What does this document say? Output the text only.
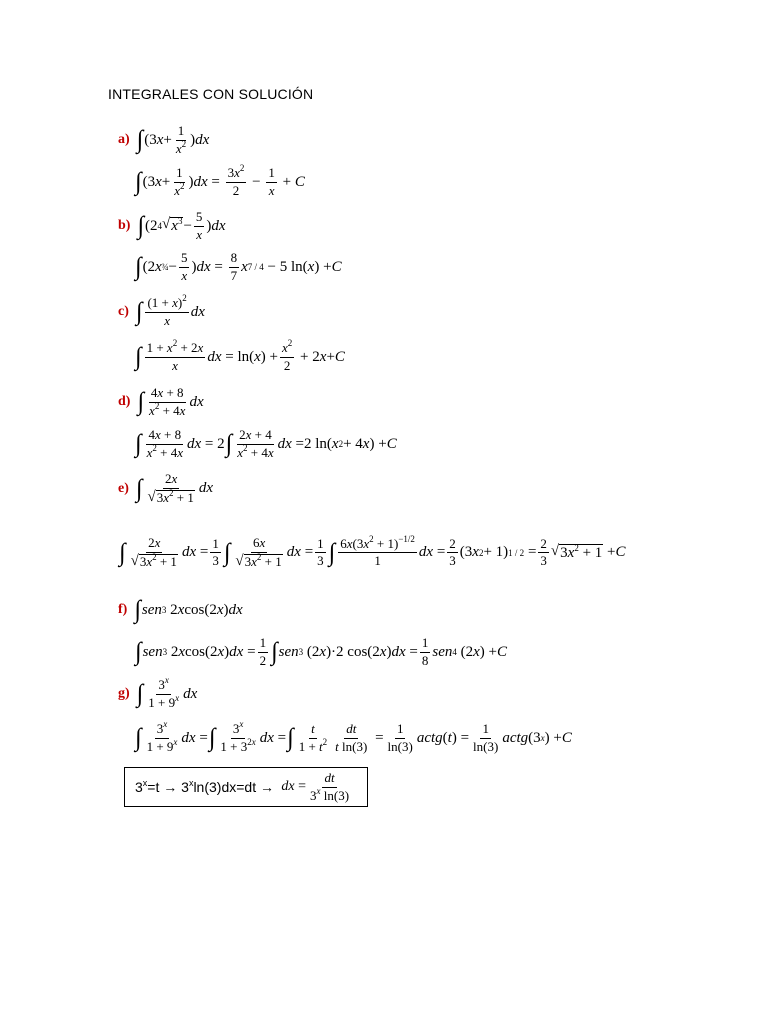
INTEGRALES CON SOLUCIÓN
a) ∫ (3 $x + \frac{1}{x^2}$ ) dx
∫ (3 $x + \frac{1}{x^2}$ ) dx = $\frac{3x^2}{2} - \frac{1}{x} + C$
b) ∫ (2 4 √ $x^3 - \frac{5}{x}$ ) dx
∫ (2 x ¾ − $\frac{5}{x}$ ) dx = $\frac{8}{7}$ x 7 / 4 − 5 ln( x ) + C
c) ∫ $\frac{(1 + x)^2}{x}$ dx
∫ $\frac{1 + x^2 + 2x}{x}$ dx = ln( x ) + $\frac{x^2}{2} + 2$ x + C
d) ∫ $\frac{4x + 8}{x^2 + 4x}$ dx
∫ $\frac{4x + 8}{x^2 + 4x}$ dx = 2 ∫ $\frac{2x + 4}{x^2 + 4x}$ dx =2 ln( x 2 + 4 x ) + C
e) ∫ $\frac{2x}{√ 3x^2 + 1}$ dx
∫ $\frac{2x}{√ 3x^2 + 1}$ dx = $\frac{1}{3}$ ∫ $\frac{6x}{√ 3x^2 + 1}$ dx = $\frac{1}{3}$ ∫ $\frac{6x(3x^2 + 1)^{-1/2}}{1}$ dx = $\frac{2}{3} (3$ x 2 + 1) $1 / 2 = \frac{2}{3}$ √ $3x^2 + 1 + C$
f) ∫ sen 3 2 x cos(2 x ) dx
∫ sen 3 2 x cos(2 x ) dx = $\frac{1}{2}$ ∫ sen 3 (2 x )·2 cos(2 x ) dx = $\frac{1}{8}$ sen 4 (2 x ) + C
g) ∫ $\frac{3^x}{1 + 9^x}$ dx
∫ $\frac{3^x}{1 + 9^x}$ dx = ∫ $\frac{3^x}{1 + 3^{2x}}$ dx = ∫ $\frac{t}{1 + t^2} \frac{dt}{\text{t ln(3)}} = \frac{1}{\ln(3)}$ actg ( t ) = $\frac{1}{\ln(3)}$ actg (3 x ) + C
$3^x=t \to 3^x\ln(3)dx=dt$ → dx = $\frac{dt}{3^x \ln(3)}$
